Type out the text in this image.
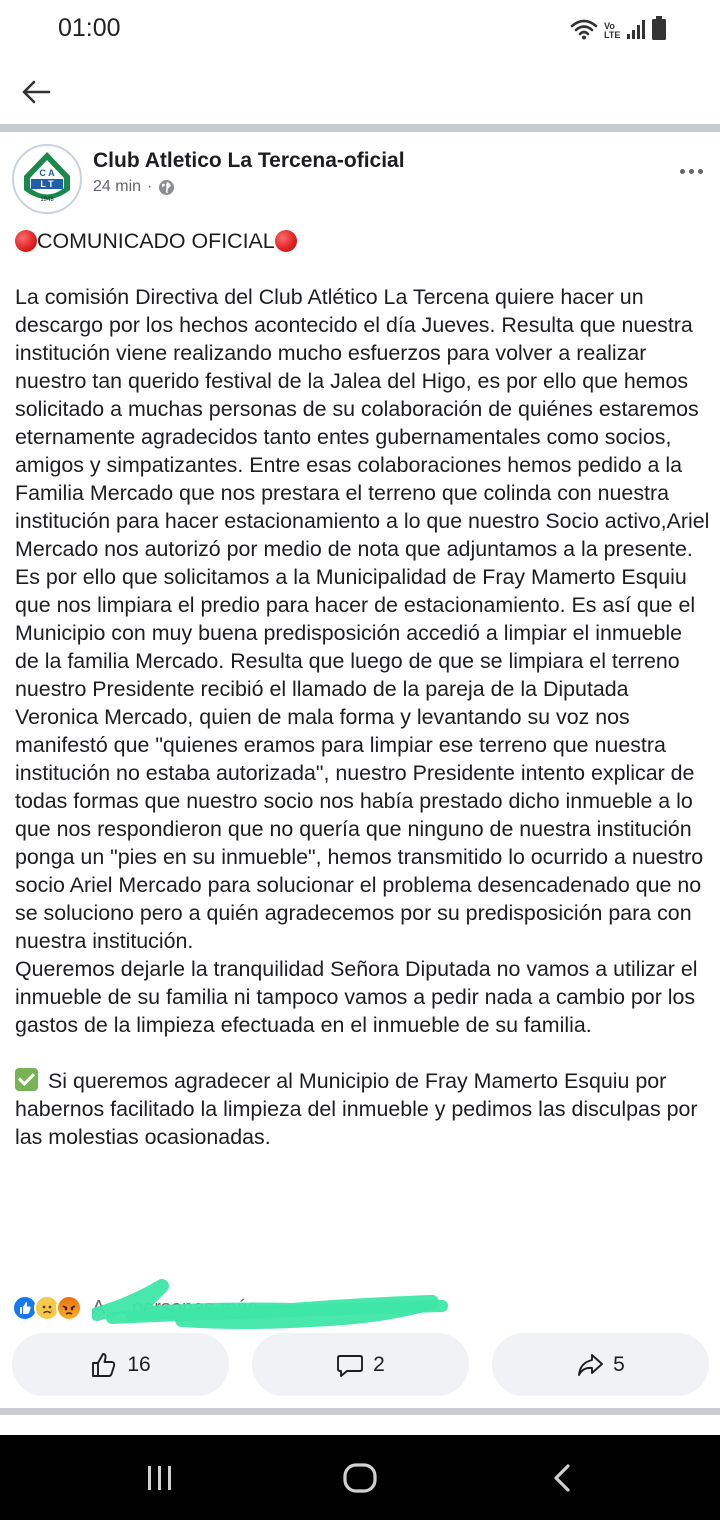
01:00	Vo
LTE
C A
L T
1948
Club Atletico La Tercena-oficial
24 min ·
COMUNICADO OFICIAL
La comisión Directiva del Club Atlético La Tercena quiere hacer un descargo por los hechos acontecido el día Jueves. Resulta que nuestra institución viene realizando mucho esfuerzos para volver a realizar nuestro tan querido festival de la Jalea del Higo, es por ello que hemos solicitado a muchas personas de su colaboración de quiénes estaremos eternamente agradecidos tanto entes gubernamentales como socios, amigos y simpatizantes. Entre esas colaboraciones hemos pedido a la Familia Mercado que nos prestara el terreno que colinda con nuestra institución para hacer estacionamiento a lo que nuestro Socio activo,Ariel Mercado nos autorizó por medio de nota que adjuntamos a la presente. Es por ello que solicitamos a la Municipalidad de Fray Mamerto Esquiu que nos limpiara el predio para hacer de estacionamiento. Es así que el Municipio con muy buena predisposición accedió a limpiar el inmueble de la familia Mercado. Resulta que luego de que se limpiara el terreno nuestro Presidente recibió el llamado de la pareja de la Diputada Veronica Mercado, quien de mala forma y levantando su voz nos manifestó que "quienes eramos para limpiar ese terreno que nuestra institución no estaba autorizada", nuestro Presidente intento explicar de todas formas que nuestro socio nos había prestado dicho inmueble a lo que nos respondieron que no quería que ninguno de nuestra institución ponga un "pies en su inmueble", hemos transmitido lo ocurrido a nuestro socio Ariel Mercado para solucionar el problema desencadenado que no se soluciono pero a quién agradecemos por su predisposición para con nuestra institución.
Queremos dejarle la tranquilidad Señora Diputada no vamos a utilizar el inmueble de su familia ni tampoco vamos a pedir nada a cambio por los gastos de la limpieza efectuada en el inmueble de su familia.
Si queremos agradecer al Municipio de Fray Mamerto Esquiu por habernos facilitado la limpieza del inmueble y pedimos las disculpas por las molestias ocasionadas.
A ... personas más
16	2	5
